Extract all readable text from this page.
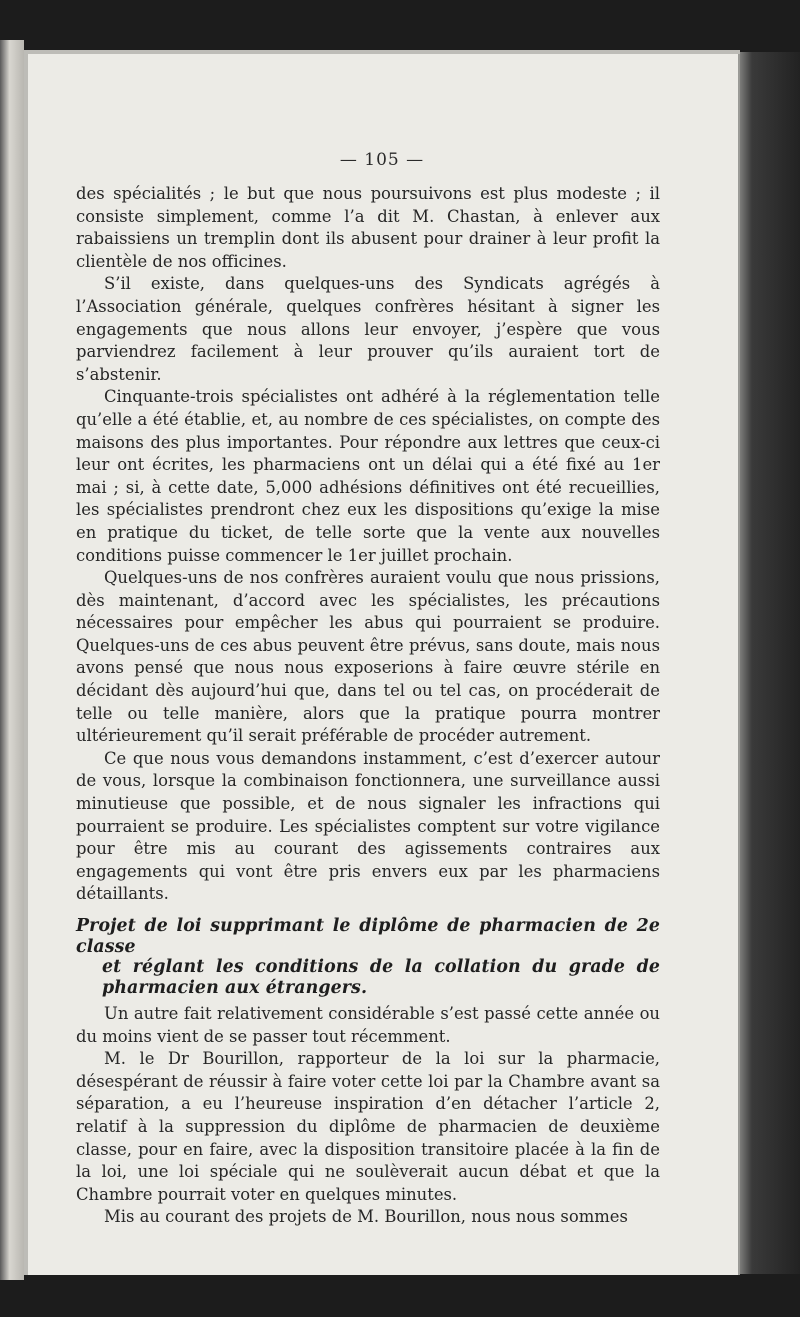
— 105 —

des spécialités ; le but que nous poursuivons est plus modeste ; il consiste simplement, comme l’a dit M. Chastan, à enlever aux rabaissiens un tremplin dont ils abusent pour drainer à leur profit la clientèle de nos officines.

S’il existe, dans quelques-uns des Syndicats agrégés à l’Association générale, quelques confrères hésitant à signer les engagements que nous allons leur envoyer, j’espère que vous parviendrez facilement à leur prouver qu’ils auraient tort de s’abstenir.

Cinquante-trois spécialistes ont adhéré à la réglementation telle qu’elle a été établie, et, au nombre de ces spécialistes, on compte des maisons des plus importantes. Pour répondre aux lettres que ceux-ci leur ont écrites, les pharmaciens ont un délai qui a été fixé au 1er mai ; si, à cette date, 5,000 adhésions définitives ont été recueillies, les spécialistes prendront chez eux les dispositions qu’exige la mise en pratique du ticket, de telle sorte que la vente aux nouvelles conditions puisse commencer le 1er juillet prochain.

Quelques-uns de nos confrères auraient voulu que nous prissions, dès maintenant, d’accord avec les spécialistes, les précautions nécessaires pour empêcher les abus qui pourraient se produire. Quelques-uns de ces abus peuvent être prévus, sans doute, mais nous avons pensé que nous nous exposerions à faire œuvre stérile en décidant dès aujourd’hui que, dans tel ou tel cas, on procéderait de telle ou telle manière, alors que la pratique pourra montrer ultérieurement qu’il serait préférable de procéder autrement.

Ce que nous vous demandons instamment, c’est d’exercer autour de vous, lorsque la combinaison fonctionnera, une surveillance aussi minutieuse que possible, et de nous signaler les infractions qui pourraient se produire. Les spécialistes comptent sur votre vigilance pour être mis au courant des agissements contraires aux engagements qui vont être pris envers eux par les pharmaciens détaillants.

Projet de loi supprimant le diplôme de pharmacien de 2e classe
et réglant les conditions de la collation du grade de pharmacien aux étrangers.

Un autre fait relativement considérable s’est passé cette année ou du moins vient de se passer tout récemment.

M. le Dr Bourillon, rapporteur de la loi sur la pharmacie, désespérant de réussir à faire voter cette loi par la Chambre avant sa séparation, a eu l’heureuse inspiration d’en détacher l’article 2, relatif à la suppression du diplôme de pharmacien de deuxième classe, pour en faire, avec la disposition transitoire placée à la fin de la loi, une loi spéciale qui ne soulèverait aucun débat et que la Chambre pourrait voter en quelques minutes.

Mis au courant des projets de M. Bourillon, nous nous sommes
